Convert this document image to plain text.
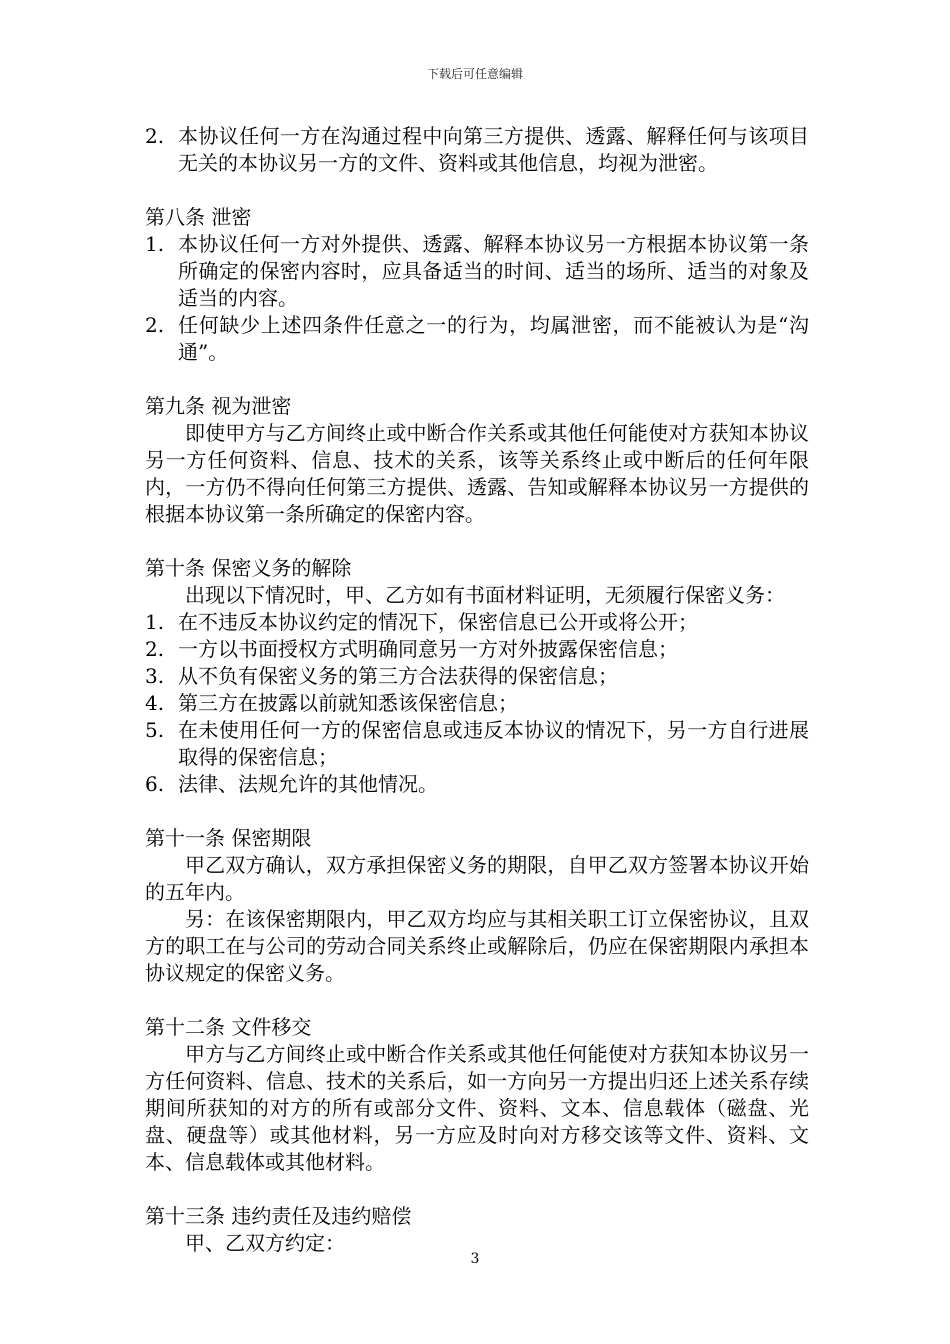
下载后可任意编辑

2. 本协议任何一方在沟通过程中向第三方提供、透露、解释任何与该项目无关的本协议另一方的文件、资料或其他信息，均视为泄密。

第八条 泄密

1. 本协议任何一方对外提供、透露、解释本协议另一方根据本协议第一条所确定的保密内容时，应具备适当的时间、适当的场所、适当的对象及适当的内容。

2. 任何缺少上述四条件任意之一的行为，均属泄密，而不能被认为是“沟通”。

第九条 视为泄密

即使甲方与乙方间终止或中断合作关系或其他任何能使对方获知本协议另一方任何资料、信息、技术的关系，该等关系终止或中断后的任何年限内，一方仍不得向任何第三方提供、透露、告知或解释本协议另一方提供的根据本协议第一条所确定的保密内容。

第十条 保密义务的解除

出现以下情况时，甲、乙方如有书面材料证明，无须履行保密义务：

1. 在不违反本协议约定的情况下，保密信息已公开或将公开；

2. 一方以书面授权方式明确同意另一方对外披露保密信息；

3. 从不负有保密义务的第三方合法获得的保密信息；

4. 第三方在披露以前就知悉该保密信息；

5. 在未使用任何一方的保密信息或违反本协议的情况下，另一方自行进展取得的保密信息；

6. 法律、法规允许的其他情况。

第十一条 保密期限

甲乙双方确认，双方承担保密义务的期限，自甲乙双方签署本协议开始的五年内。

另：在该保密期限内，甲乙双方均应与其相关职工订立保密协议，且双方的职工在与公司的劳动合同关系终止或解除后，仍应在保密期限内承担本协议规定的保密义务。

第十二条 文件移交

甲方与乙方间终止或中断合作关系或其他任何能使对方获知本协议另一方任何资料、信息、技术的关系后，如一方向另一方提出归还上述关系存续期间所获知的对方的所有或部分文件、资料、文本、信息载体（磁盘、光盘、硬盘等）或其他材料，另一方应及时向对方移交该等文件、资料、文本、信息载体或其他材料。

第十三条 违约责任及违约赔偿

甲、乙双方约定：

3
